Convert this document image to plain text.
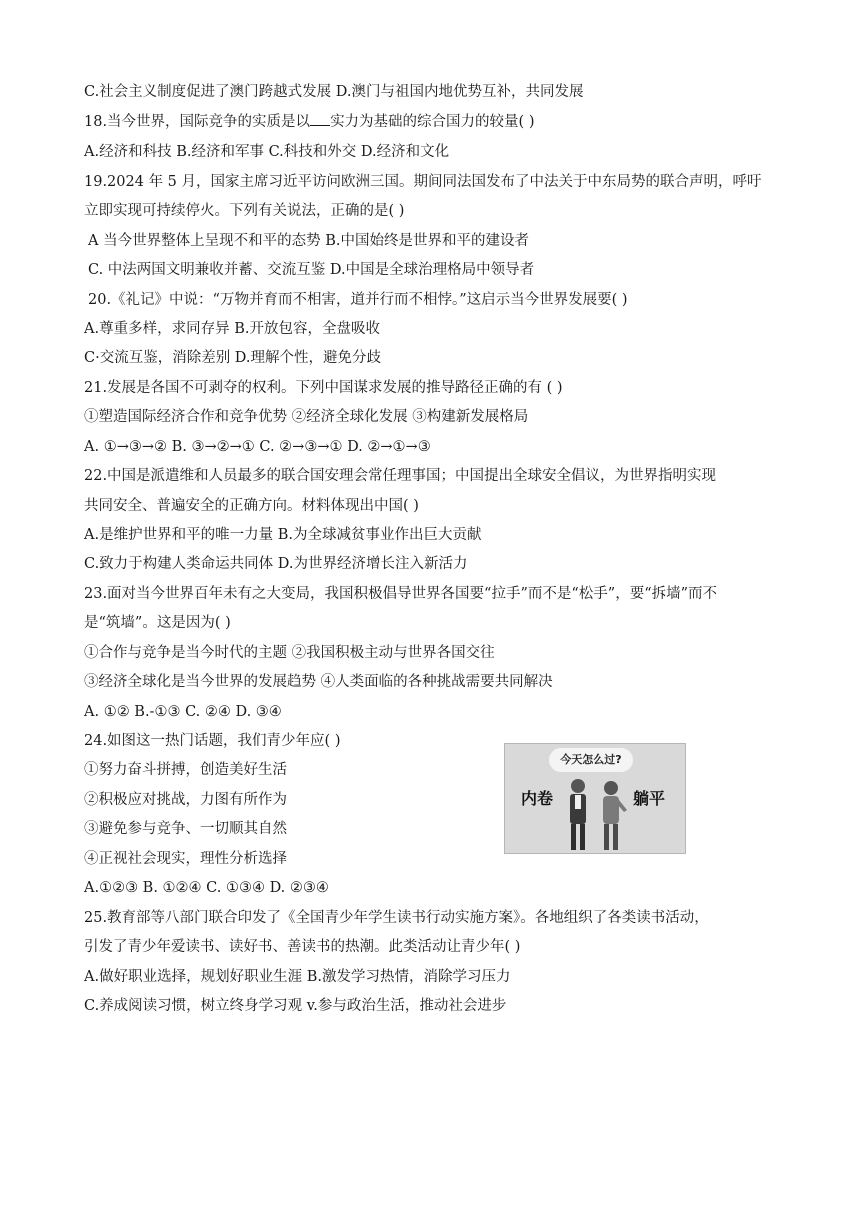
C.社会主义制度促进了澳门跨越式发展 D.澳门与祖国内地优势互补，共同发展
18.当今世界，国际竞争的实质是以 实力为基础的综合国力的较量( )
A.经济和科技 B.经济和军事 C.科技和外交 D.经济和文化
19.2024 年 5 月，国家主席习近平访问欧洲三国。期间同法国发布了中法关于中东局势的联合声明，呼吁
立即实现可持续停火。下列有关说法，正确的是( )
A 当今世界整体上呈现不和平的态势 B.中国始终是世界和平的建设者
C. 中法两国文明兼收并蓄、交流互鉴 D.中国是全球治理格局中领导者
20.《礼记》中说：“万物并育而不相害，道并行而不相悖。”这启示当今世界发展要( )
A.尊重多样，求同存异 B.开放包容，全盘吸收
C·交流互鉴，消除差别 D.理解个性，避免分歧
21.发展是各国不可剥夺的权利。下列中国谋求发展的推导路径正确的有 ( )
①塑造国际经济合作和竞争优势 ②经济全球化发展 ③构建新发展格局
A. ①→③→② B. ③→②→① C. ②→③→① D. ②→①→③
22.中国是派遣维和人员最多的联合国安理会常任理事国；中国提出全球安全倡议，为世界指明实现
共同安全、普遍安全的正确方向。材料体现出中国( )
A.是维护世界和平的唯一力量 B.为全球减贫事业作出巨大贡献
C.致力于构建人类命运共同体 D.为世界经济增长注入新活力
23.面对当今世界百年未有之大变局，我国积极倡导世界各国要“拉手”而不是“松手”，要“拆墙”而不
是“筑墙”。这是因为( )
①合作与竞争是当今时代的主题 ②我国积极主动与世界各国交往
③经济全球化是当今世界的发展趋势 ④人类面临的各种挑战需要共同解决
A. ①② B.-①③ C. ②④ D. ③④
24.如图这一热门话题，我们青少年应( )
①努力奋斗拼搏，创造美好生活
②积极应对挑战，力图有所作为
③避免参与竞争、一切顺其自然
④正视社会现实，理性分析选择
A.①②③ B. ①②④ C. ①③④ D. ②③④
25.教育部等八部门联合印发了《全国青少年学生读书行动实施方案》。各地组织了各类读书活动，
引发了青少年爱读书、读好书、善读书的热潮。此类活动让青少年( )
A.做好职业选择，规划好职业生涯 B.激发学习热情，消除学习压力
C.养成阅读习惯，树立终身学习观 v.参与政治生活，推动社会进步
今天怎么过?
内卷	躺平
